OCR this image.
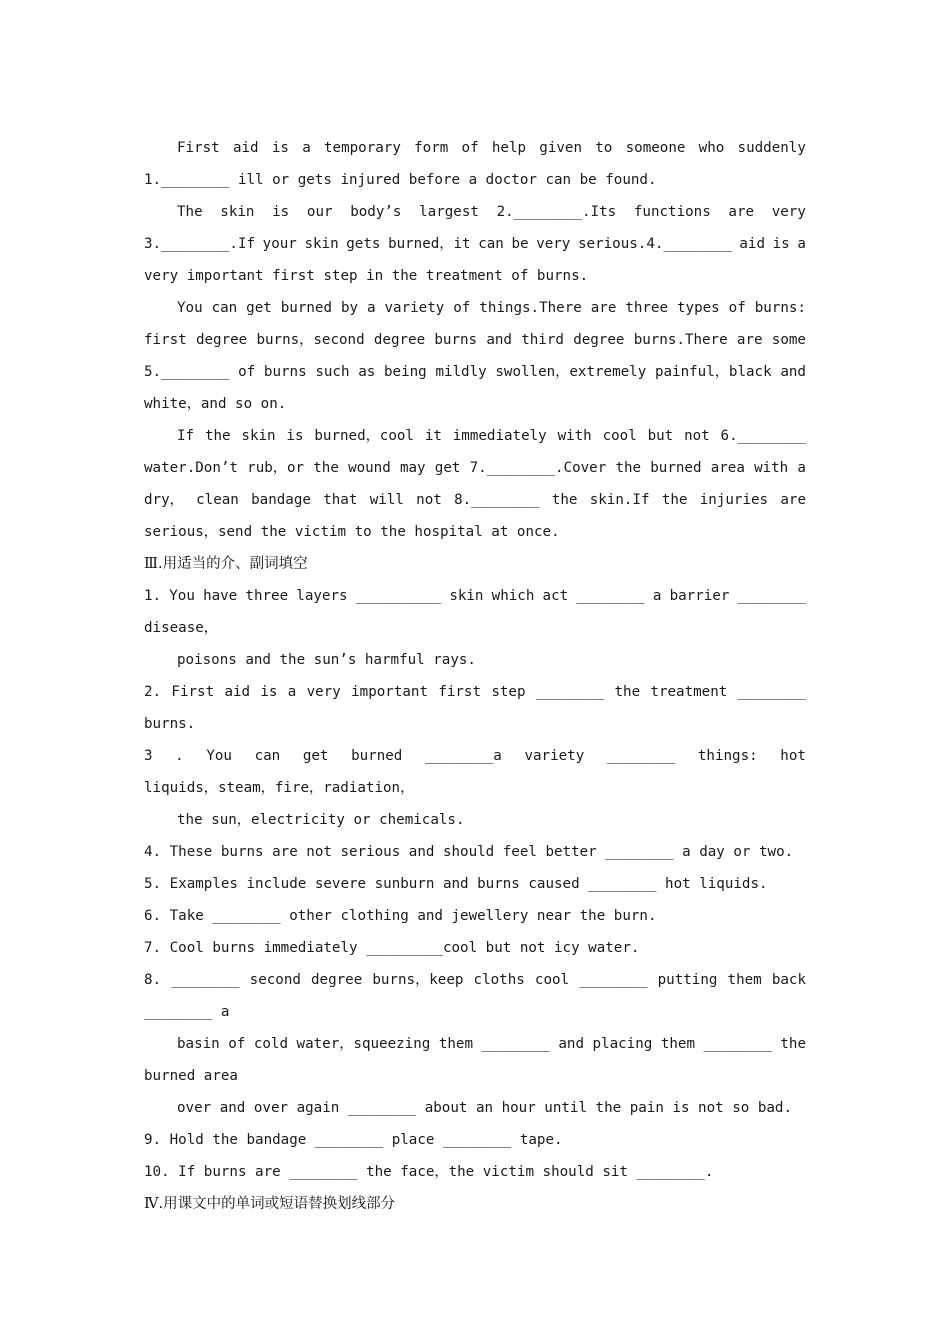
First aid is a temporary form of help given to someone who suddenly
1.________ ill or gets injured before a doctor can be found.
The skin is our body’s largest 2.________.Its functions are very
3.________.If your skin gets burned，it can be very serious.4.________ aid is a
very important first step in the treatment of burns.
You can get burned by a variety of things.There are three types of burns:
first degree burns，second degree burns and third degree burns.There are some
5.________ of burns such as being mildly swollen，extremely painful，black and
white，and so on.
If the skin is burned，cool it immediately with cool but not 6.________
water.Don’t rub，or the wound may get 7.________.Cover the burned area with a
dry， clean bandage that will not 8.________ the skin.If the injuries are
serious，send the victim to the hospital at once.
Ⅲ.用适当的介、副词填空
1. You have three layers __________ skin which act ________ a barrier ________
disease，
poisons and the sun’s harmful rays.
2. First aid is a very important first step ________ the treatment ________
burns.
3 . You can get burned ________a variety ________ things: hot
liquids，steam，fire，radiation，
the sun，electricity or chemicals.
4. These burns are not serious and should feel better ________ a day or two.
5. Examples include severe sunburn and burns caused ________ hot liquids.
6. Take ________ other clothing and jewellery near the burn.
7. Cool burns immediately _________cool but not icy water.
8. ________ second degree burns，keep cloths cool ________ putting them back
________ a
basin of cold water，squeezing them ________ and placing them ________ the
burned area
over and over again ________ about an hour until the pain is not so bad.
9. Hold the bandage ________ place ________ tape.
10. If burns are ________ the face，the victim should sit ________.
Ⅳ.用课文中的单词或短语替换划线部分
